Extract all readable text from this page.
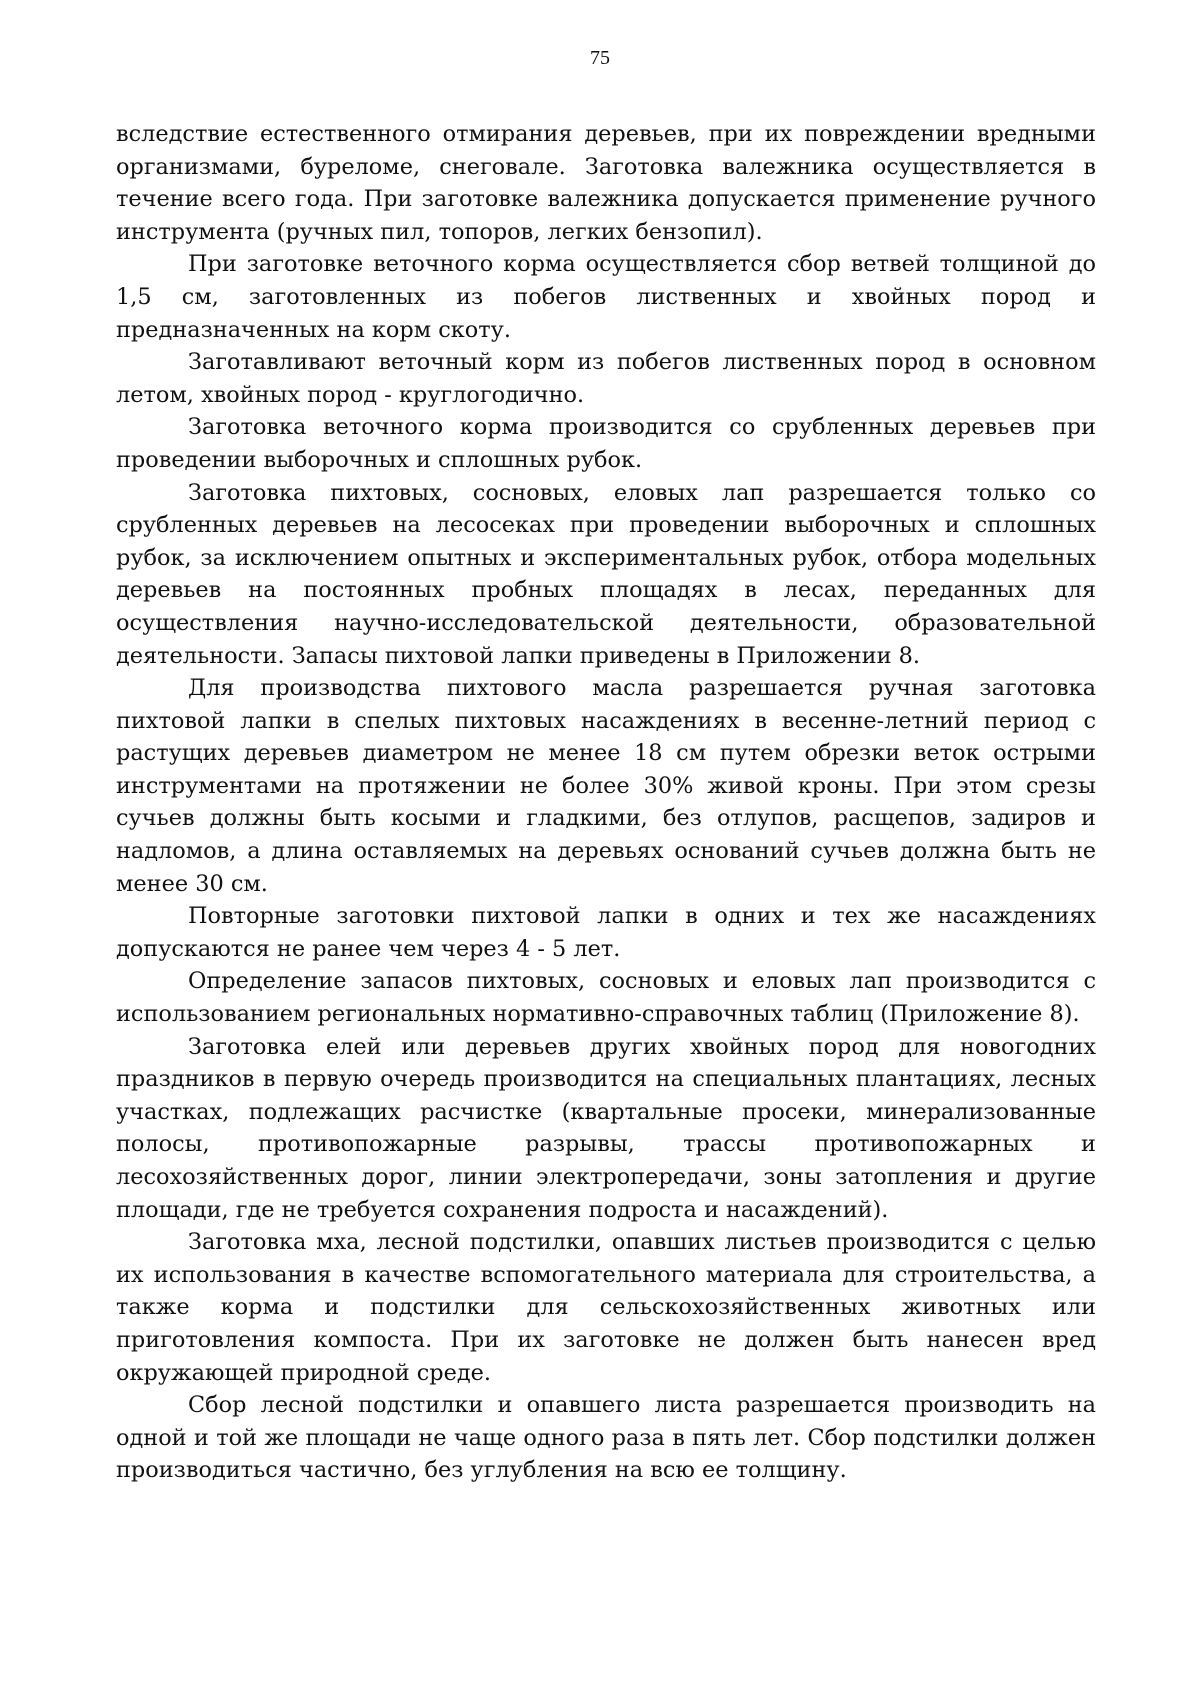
75

вследствие естественного отмирания деревьев, при их повреждении вредными организмами, буреломе, снеговале. Заготовка валежника осуществляется в течение всего года. При заготовке валежника допускается применение ручного инструмента (ручных пил, топоров, легких бензопил).

При заготовке веточного корма осуществляется сбор ветвей толщиной до 1,5 см, заготовленных из побегов лиственных и хвойных пород и предназначенных на корм скоту.

Заготавливают веточный корм из побегов лиственных пород в основном летом, хвойных пород - круглогодично.

Заготовка веточного корма производится со срубленных деревьев при проведении выборочных и сплошных рубок.

Заготовка пихтовых, сосновых, еловых лап разрешается только со срубленных деревьев на лесосеках при проведении выборочных и сплошных рубок, за исключением опытных и экспериментальных рубок, отбора модельных деревьев на постоянных пробных площадях в лесах, переданных для осуществления научно-исследовательской деятельности, образовательной деятельности. Запасы пихтовой лапки приведены в Приложении 8.

Для производства пихтового масла разрешается ручная заготовка пихтовой лапки в спелых пихтовых насаждениях в весенне-летний период с растущих деревьев диаметром не менее 18 см путем обрезки веток острыми инструментами на протяжении не более 30% живой кроны. При этом срезы сучьев должны быть косыми и гладкими, без отлупов, расщепов, задиров и надломов, а длина оставляемых на деревьях оснований сучьев должна быть не менее 30 см.

Повторные заготовки пихтовой лапки в одних и тех же насаждениях допускаются не ранее чем через 4 - 5 лет.

Определение запасов пихтовых, сосновых и еловых лап производится с использованием региональных нормативно-справочных таблиц (Приложение 8).

Заготовка елей или деревьев других хвойных пород для новогодних праздников в первую очередь производится на специальных плантациях, лесных участках, подлежащих расчистке (квартальные просеки, минерализованные полосы, противопожарные разрывы, трассы противопожарных и лесохозяйственных дорог, линии электропередачи, зоны затопления и другие площади, где не требуется сохранения подроста и насаждений).

Заготовка мха, лесной подстилки, опавших листьев производится с целью их использования в качестве вспомогательного материала для строительства, а также корма и подстилки для сельскохозяйственных животных или приготовления компоста. При их заготовке не должен быть нанесен вред окружающей природной среде.

Сбор лесной подстилки и опавшего листа разрешается производить на одной и той же площади не чаще одного раза в пять лет. Сбор подстилки должен производиться частично, без углубления на всю ее толщину.
